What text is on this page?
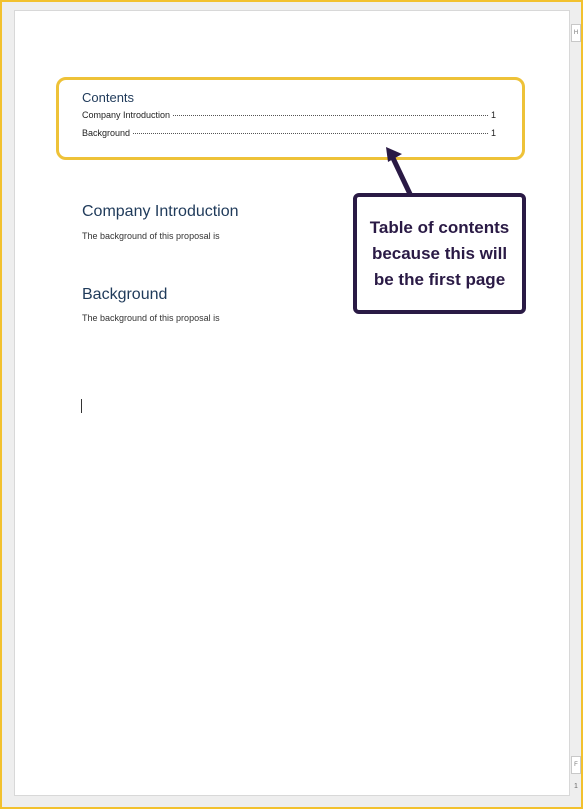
H
F
1
Contents
Company Introduction	1
Background	1
Company Introduction
The background of this proposal is
Background
The background of this proposal is
Table of contents because this will be the first page
